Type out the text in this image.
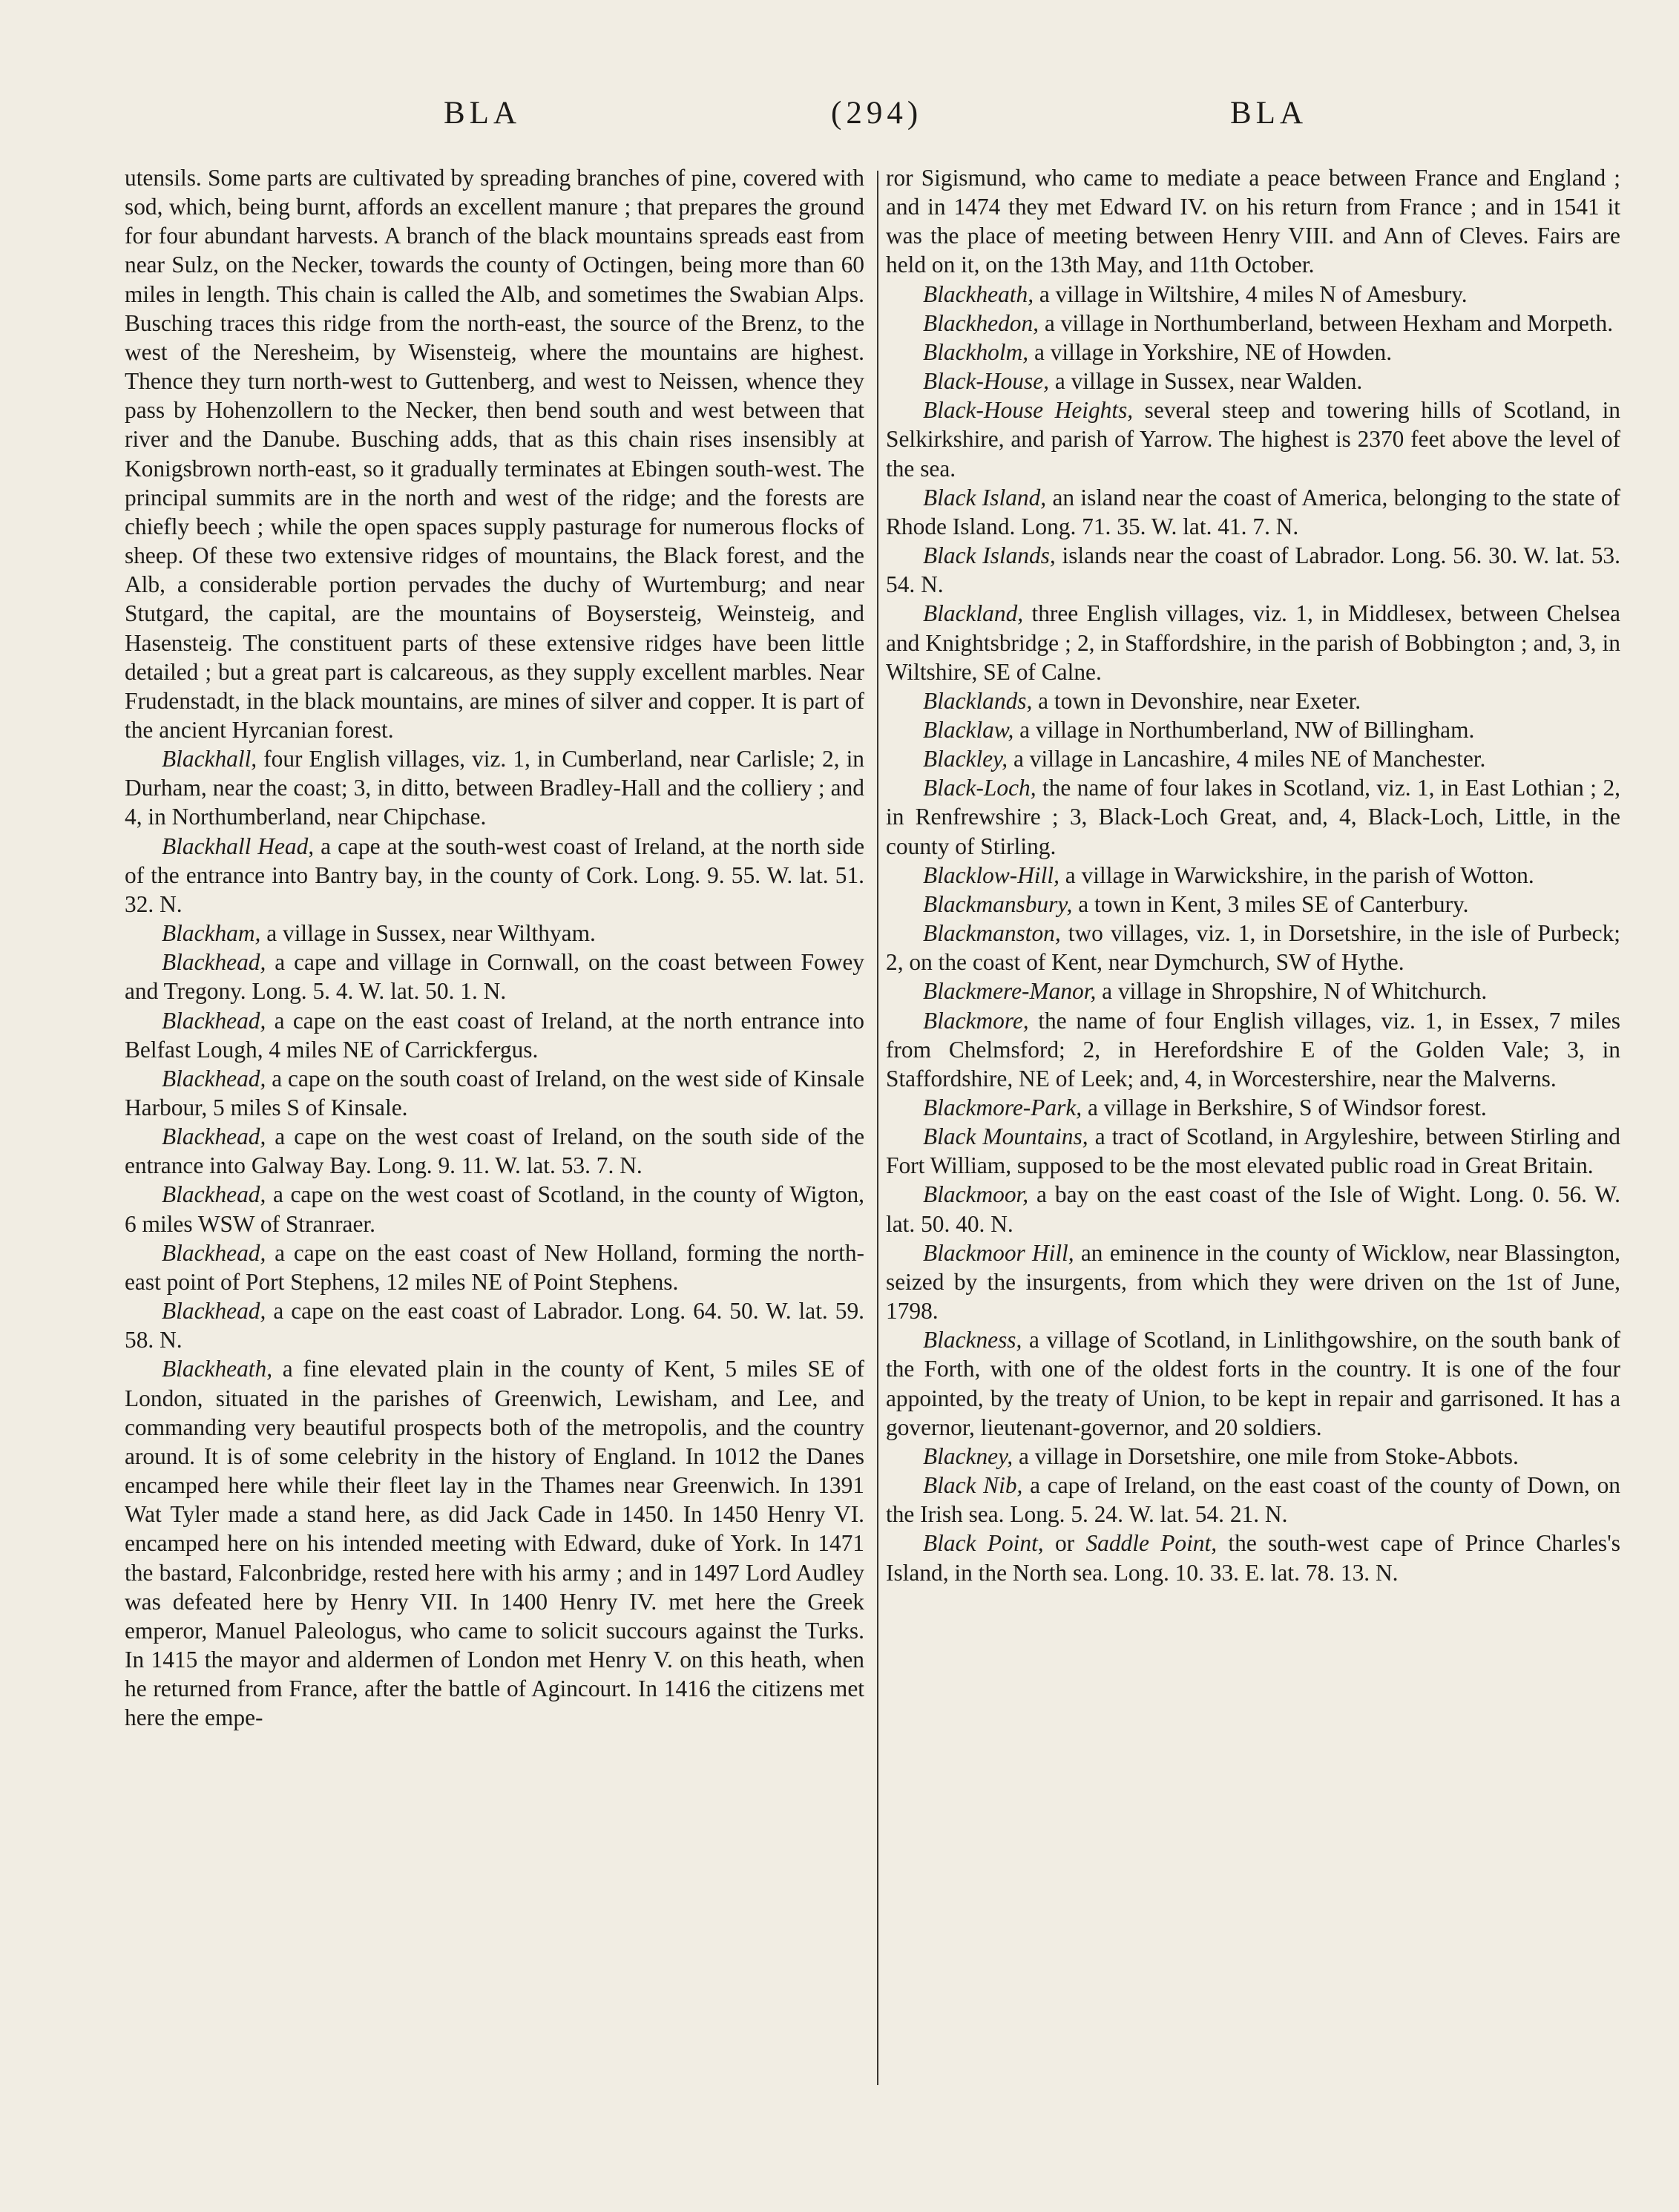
BLA	(294)	BLA

utensils. Some parts are cultivated by spreading branches of pine, covered with sod, which, being burnt, affords an excellent manure ; that prepares the ground for four abundant harvests. A branch of the black mountains spreads east from near Sulz, on the Necker, towards the county of Octingen, being more than 60 miles in length. This chain is called the Alb, and sometimes the Swabian Alps. Busching traces this ridge from the north-east, the source of the Brenz, to the west of the Neresheim, by Wisensteig, where the mountains are highest. Thence they turn north-west to Guttenberg, and west to Neissen, whence they pass by Hohenzollern to the Necker, then bend south and west between that river and the Danube. Busching adds, that as this chain rises insensibly at Konigsbrown north-east, so it gradually terminates at Ebingen south-west. The principal summits are in the north and west of the ridge; and the forests are chiefly beech ; while the open spaces supply pasturage for numerous flocks of sheep. Of these two extensive ridges of mountains, the Black forest, and the Alb, a considerable portion pervades the duchy of Wurtemburg; and near Stutgard, the capital, are the mountains of Boysersteig, Weinsteig, and Hasensteig. The constituent parts of these extensive ridges have been little detailed ; but a great part is calcareous, as they supply excellent marbles. Near Frudenstadt, in the black mountains, are mines of silver and copper. It is part of the ancient Hyrcanian forest.

Blackhall, four English villages, viz. 1, in Cumberland, near Carlisle; 2, in Durham, near the coast; 3, in ditto, between Bradley-Hall and the colliery ; and 4, in Northumberland, near Chipchase.

Blackhall Head, a cape at the south-west coast of Ireland, at the north side of the entrance into Bantry bay, in the county of Cork. Long. 9. 55. W. lat. 51. 32. N.

Blackham, a village in Sussex, near Wilthyam.

Blackhead, a cape and village in Cornwall, on the coast between Fowey and Tregony. Long. 5. 4. W. lat. 50. 1. N.

Blackhead, a cape on the east coast of Ireland, at the north entrance into Belfast Lough, 4 miles NE of Carrickfergus.

Blackhead, a cape on the south coast of Ireland, on the west side of Kinsale Harbour, 5 miles S of Kinsale.

Blackhead, a cape on the west coast of Ireland, on the south side of the entrance into Galway Bay. Long. 9. 11. W. lat. 53. 7. N.

Blackhead, a cape on the west coast of Scotland, in the county of Wigton, 6 miles WSW of Stranraer.

Blackhead, a cape on the east coast of New Holland, forming the north-east point of Port Stephens, 12 miles NE of Point Stephens.

Blackhead, a cape on the east coast of Labrador. Long. 64. 50. W. lat. 59. 58. N.

Blackheath, a fine elevated plain in the county of Kent, 5 miles SE of London, situated in the parishes of Greenwich, Lewisham, and Lee, and commanding very beautiful prospects both of the metropolis, and the country around. It is of some celebrity in the history of England. In 1012 the Danes encamped here while their fleet lay in the Thames near Greenwich. In 1391 Wat Tyler made a stand here, as did Jack Cade in 1450. In 1450 Henry VI. encamped here on his intended meeting with Edward, duke of York. In 1471 the bastard, Falconbridge, rested here with his army ; and in 1497 Lord Audley was defeated here by Henry VII. In 1400 Henry IV. met here the Greek emperor, Manuel Paleologus, who came to solicit succours against the Turks. In 1415 the mayor and aldermen of London met Henry V. on this heath, when he returned from France, after the battle of Agincourt. In 1416 the citizens met here the empe-

ror Sigismund, who came to mediate a peace between France and England ; and in 1474 they met Edward IV. on his return from France ; and in 1541 it was the place of meeting between Henry VIII. and Ann of Cleves. Fairs are held on it, on the 13th May, and 11th October.

Blackheath, a village in Wiltshire, 4 miles N of Amesbury.

Blackhedon, a village in Northumberland, between Hexham and Morpeth.

Blackholm, a village in Yorkshire, NE of Howden.

Black-House, a village in Sussex, near Walden.

Black-House Heights, several steep and towering hills of Scotland, in Selkirkshire, and parish of Yarrow. The highest is 2370 feet above the level of the sea.

Black Island, an island near the coast of America, belonging to the state of Rhode Island. Long. 71. 35. W. lat. 41. 7. N.

Black Islands, islands near the coast of Labrador. Long. 56. 30. W. lat. 53. 54. N.

Blackland, three English villages, viz. 1, in Middlesex, between Chelsea and Knightsbridge ; 2, in Staffordshire, in the parish of Bobbington ; and, 3, in Wiltshire, SE of Calne.

Blacklands, a town in Devonshire, near Exeter.

Blacklaw, a village in Northumberland, NW of Billingham.

Blackley, a village in Lancashire, 4 miles NE of Manchester.

Black-Loch, the name of four lakes in Scotland, viz. 1, in East Lothian ; 2, in Renfrewshire ; 3, Black-Loch Great, and, 4, Black-Loch, Little, in the county of Stirling.

Blacklow-Hill, a village in Warwickshire, in the parish of Wotton.

Blackmansbury, a town in Kent, 3 miles SE of Canterbury.

Blackmanston, two villages, viz. 1, in Dorsetshire, in the isle of Purbeck; 2, on the coast of Kent, near Dymchurch, SW of Hythe.

Blackmere-Manor, a village in Shropshire, N of Whitchurch.

Blackmore, the name of four English villages, viz. 1, in Essex, 7 miles from Chelmsford; 2, in Herefordshire E of the Golden Vale; 3, in Staffordshire, NE of Leek; and, 4, in Worcestershire, near the Malverns.

Blackmore-Park, a village in Berkshire, S of Windsor forest.

Black Mountains, a tract of Scotland, in Argyleshire, between Stirling and Fort William, supposed to be the most elevated public road in Great Britain.

Blackmoor, a bay on the east coast of the Isle of Wight. Long. 0. 56. W. lat. 50. 40. N.

Blackmoor Hill, an eminence in the county of Wicklow, near Blassington, seized by the insurgents, from which they were driven on the 1st of June, 1798.

Blackness, a village of Scotland, in Linlithgowshire, on the south bank of the Forth, with one of the oldest forts in the country. It is one of the four appointed, by the treaty of Union, to be kept in repair and garrisoned. It has a governor, lieutenant-governor, and 20 soldiers.

Blackney, a village in Dorsetshire, one mile from Stoke-Abbots.

Black Nib, a cape of Ireland, on the east coast of the county of Down, on the Irish sea. Long. 5. 24. W. lat. 54. 21. N.

Black Point, or Saddle Point, the south-west cape of Prince Charles's Island, in the North sea. Long. 10. 33. E. lat. 78. 13. N.
